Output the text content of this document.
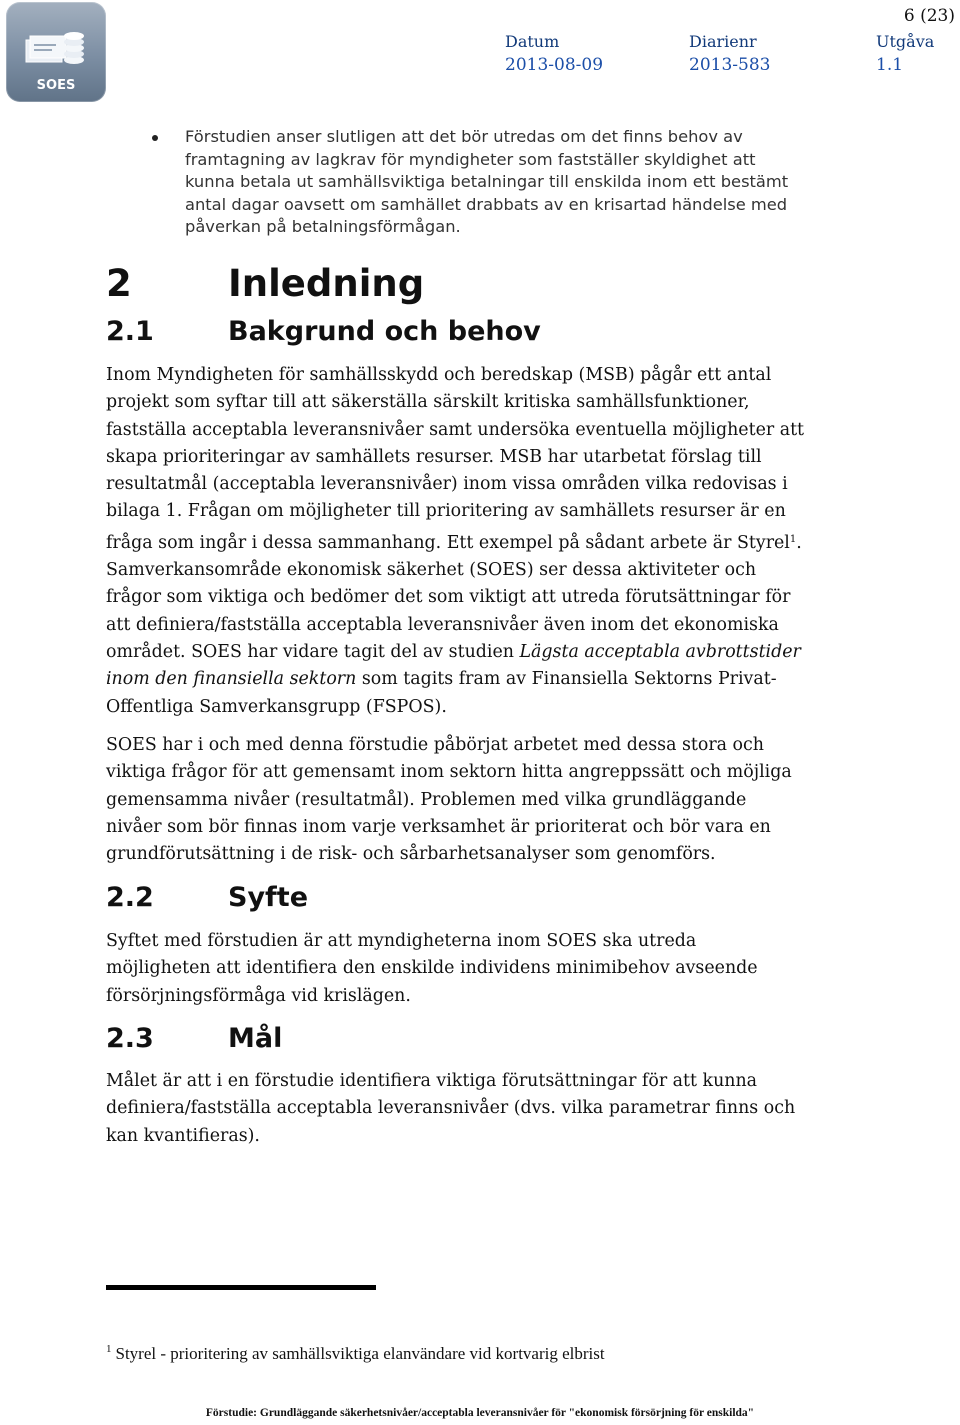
SOES
6 (23)
Datum
2013-08-09
Diarienr
2013-583
Utgåva
1.1

Förstudien anser slutligen att det bör utredas om det finns behov av framtagning av lagkrav för myndigheter som fastställer skyldighet att kunna betala ut samhällsviktiga betalningar till enskilda inom ett bestämt antal dagar oavsett om samhället drabbats av en krisartad händelse med påverkan på betalningsförmågan.

2	Inledning
2.1	Bakgrund och behov

Inom Myndigheten för samhällsskydd och beredskap (MSB) pågår ett antal projekt som syftar till att säkerställa särskilt kritiska samhällsfunktioner, fastställa acceptabla leveransnivåer samt undersöka eventuella möjligheter att skapa prioriteringar av samhällets resurser. MSB har utarbetat förslag till resultatmål (acceptabla leveransnivåer) inom vissa områden vilka redovisas i bilaga 1. Frågan om möjligheter till prioritering av samhällets resurser är en fråga som ingår i dessa sammanhang. Ett exempel på sådant arbete är Styrel$^1$. Samverkansområde ekonomisk säkerhet (SOES) ser dessa aktiviteter och frågor som viktiga och bedömer det som viktigt att utreda förutsättningar för att definiera/fastställa acceptabla leveransnivåer även inom det ekonomiska området. SOES har vidare tagit del av studien Lägsta acceptabla avbrottstider inom den finansiella sektorn som tagits fram av Finansiella Sektorns Privat-Offentliga Samverkansgrupp (FSPOS).

SOES har i och med denna förstudie påbörjat arbetet med dessa stora och viktiga frågor för att gemensamt inom sektorn hitta angreppssätt och möjliga gemensamma nivåer (resultatmål). Problemen med vilka grundläggande nivåer som bör finnas inom varje verksamhet är prioriterat och bör vara en grundförutsättning i de risk- och sårbarhetsanalyser som genomförs.

2.2	Syfte

Syftet med förstudien är att myndigheterna inom SOES ska utreda möjligheten att identifiera den enskilde individens minimibehov avseende försörjningsförmåga vid krislägen.

2.3	Mål

Målet är att i en förstudie identifiera viktiga förutsättningar för att kunna definiera/fastställa acceptabla leveransnivåer (dvs. vilka parametrar finns och kan kvantifieras).

$^1$ Styrel - prioritering av samhällsviktiga elanvändare vid kortvarig elbrist
Förstudie: Grundläggande säkerhetsnivåer/acceptabla leveransnivåer för "ekonomisk försörjning för enskilda"
